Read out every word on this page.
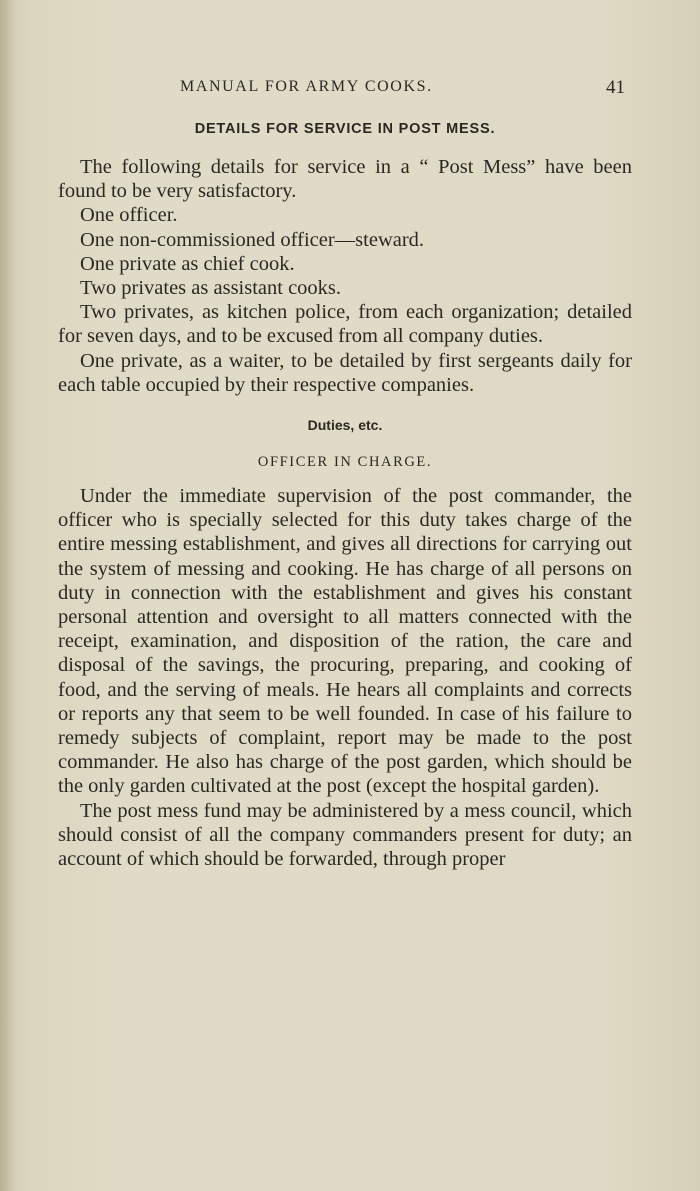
MANUAL FOR ARMY COOKS.	41
DETAILS FOR SERVICE IN POST MESS.

The following details for service in a “ Post Mess” have been found to be very satisfactory.

One officer.

One non-commissioned officer—steward.

One private as chief cook.

Two privates as assistant cooks.

Two privates, as kitchen police, from each organization; detailed for seven days, and to be excused from all company duties.

One private, as a waiter, to be detailed by first sergeants daily for each table occupied by their respective companies.

Duties, etc.
OFFICER IN CHARGE.

Under the immediate supervision of the post commander, the officer who is specially selected for this duty takes charge of the entire messing establishment, and gives all directions for carrying out the system of messing and cooking. He has charge of all persons on duty in connection with the establishment and gives his constant personal attention and oversight to all matters connected with the receipt, examination, and disposition of the ration, the care and disposal of the savings, the procuring, preparing, and cooking of food, and the serving of meals. He hears all complaints and corrects or reports any that seem to be well founded. In case of his failure to remedy subjects of complaint, report may be made to the post commander. He also has charge of the post garden, which should be the only garden cultivated at the post (except the hospital garden).

The post mess fund may be administered by a mess council, which should consist of all the company commanders present for duty; an account of which should be forwarded, through proper
